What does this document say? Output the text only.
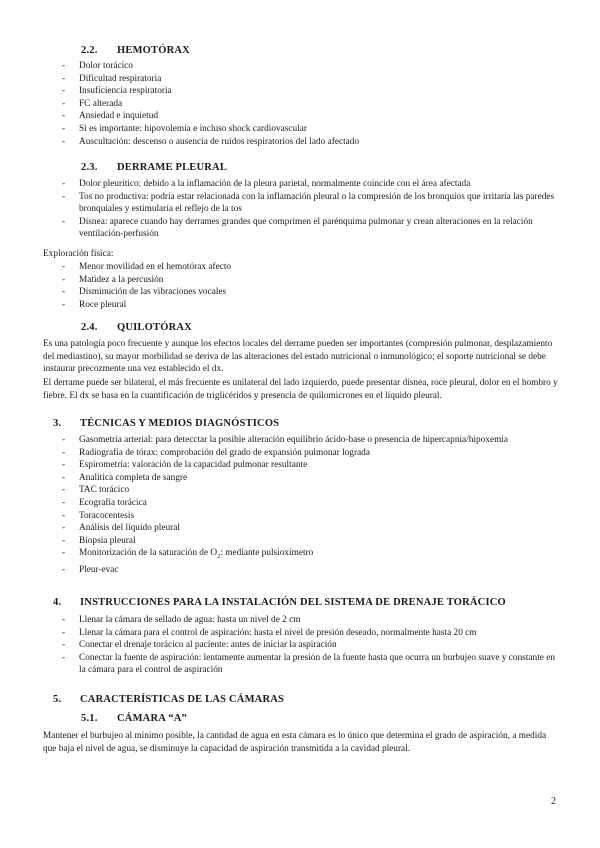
2.2. HEMOTÓRAX
- Dolor torácico
- Dificultad respiratoria
- Insuficiencia respiratoria
- FC alterada
- Ansiedad e inquietud
- Si es importante: hipovolemia e incluso shock cardiovascular
- Auscultación: descenso o ausencia de ruidos respiratorios del lado afectado
2.3. DERRAME PLEURAL
- Dolor pleurítico: debido a la inflamación de la pleura parietal, normalmente coincide con el área afectada
- Tos no productiva: podría estar relacionada con la inflamación pleural o la compresión de los bronquios que irritaría las paredes bronquiales y estimularía el reflejo de la tos
- Disnea: aparece cuando hay derrames grandes que comprimen el parénquima pulmonar y crean alteraciones en la relación ventilación-perfusión
Exploración física:
- Menor movilidad en el hemotórax afecto
- Matidez a la percusión
- Disminución de las vibraciones vocales
- Roce pleural
2.4. QUILOTÓRAX

Es una patología poco frecuente y aunque los efectos locales del derrame pueden ser importantes (compresión pulmonar, desplazamiento del mediastino), su mayor morbilidad se deriva de las alteraciones del estado nutricional o inmunológico; el soporte nutricional se debe instaurar precozmente una vez establecido el dx.

El derrame puede ser bilateral, el más frecuente es unilateral del lado izquierdo, puede presentar disnea, roce pleural, dolor en el hombro y fiebre. El dx se basa en la cuantificación de triglicéridos y presencia de quilomicrones en el líquido pleural.

3. TÉCNICAS Y MEDIOS DIAGNÓSTICOS
- Gasometría arterial: para detecctar la posible alteración equilibrio ácido-base o presencia de hipercapnia/hipoxemia
- Radiografía de tórax: comprobación del grado de expansión pulmonar lograda
- Espirometría: valoración de la capacidad pulmonar resultante
- Analítica completa de sangre
- TAC torácico
- Ecografía torácica
- Toracocentesis
- Análisis del líquido pleural
- Biopsia pleural
- Monitorización de la saturación de $O_2$: mediante pulsioxímetro
- Pleur-evac
4. INSTRUCCIONES PARA LA INSTALACIÓN DEL SISTEMA DE DRENAJE TORÁCICO
- Llenar la cámara de sellado de agua: hasta un nivel de 2 cm
- Llenar la cámara para el control de aspiración: hasta el nivel de presión deseado, normalmente hasta 20 cm
- Conectar el drenaje torácico al paciente: antes de iniciar la aspiración
- Conectar la fuente de aspiración: lentamente aumentar la presión de la fuente hasta que ocurra un burbujeo suave y constante en la cámara para el control de aspiración
5. CARACTERÍSTICAS DE LAS CÁMARAS
5.1. CÁMARA “A”

Mantener el burbujeo al mínimo posible, la cantidad de agua en esta cámara es lo único que determina el grado de aspiración, a medida que baja el nivel de agua, se disminuye la capacidad de aspiración transmitida a la cavidad pleural.

2
